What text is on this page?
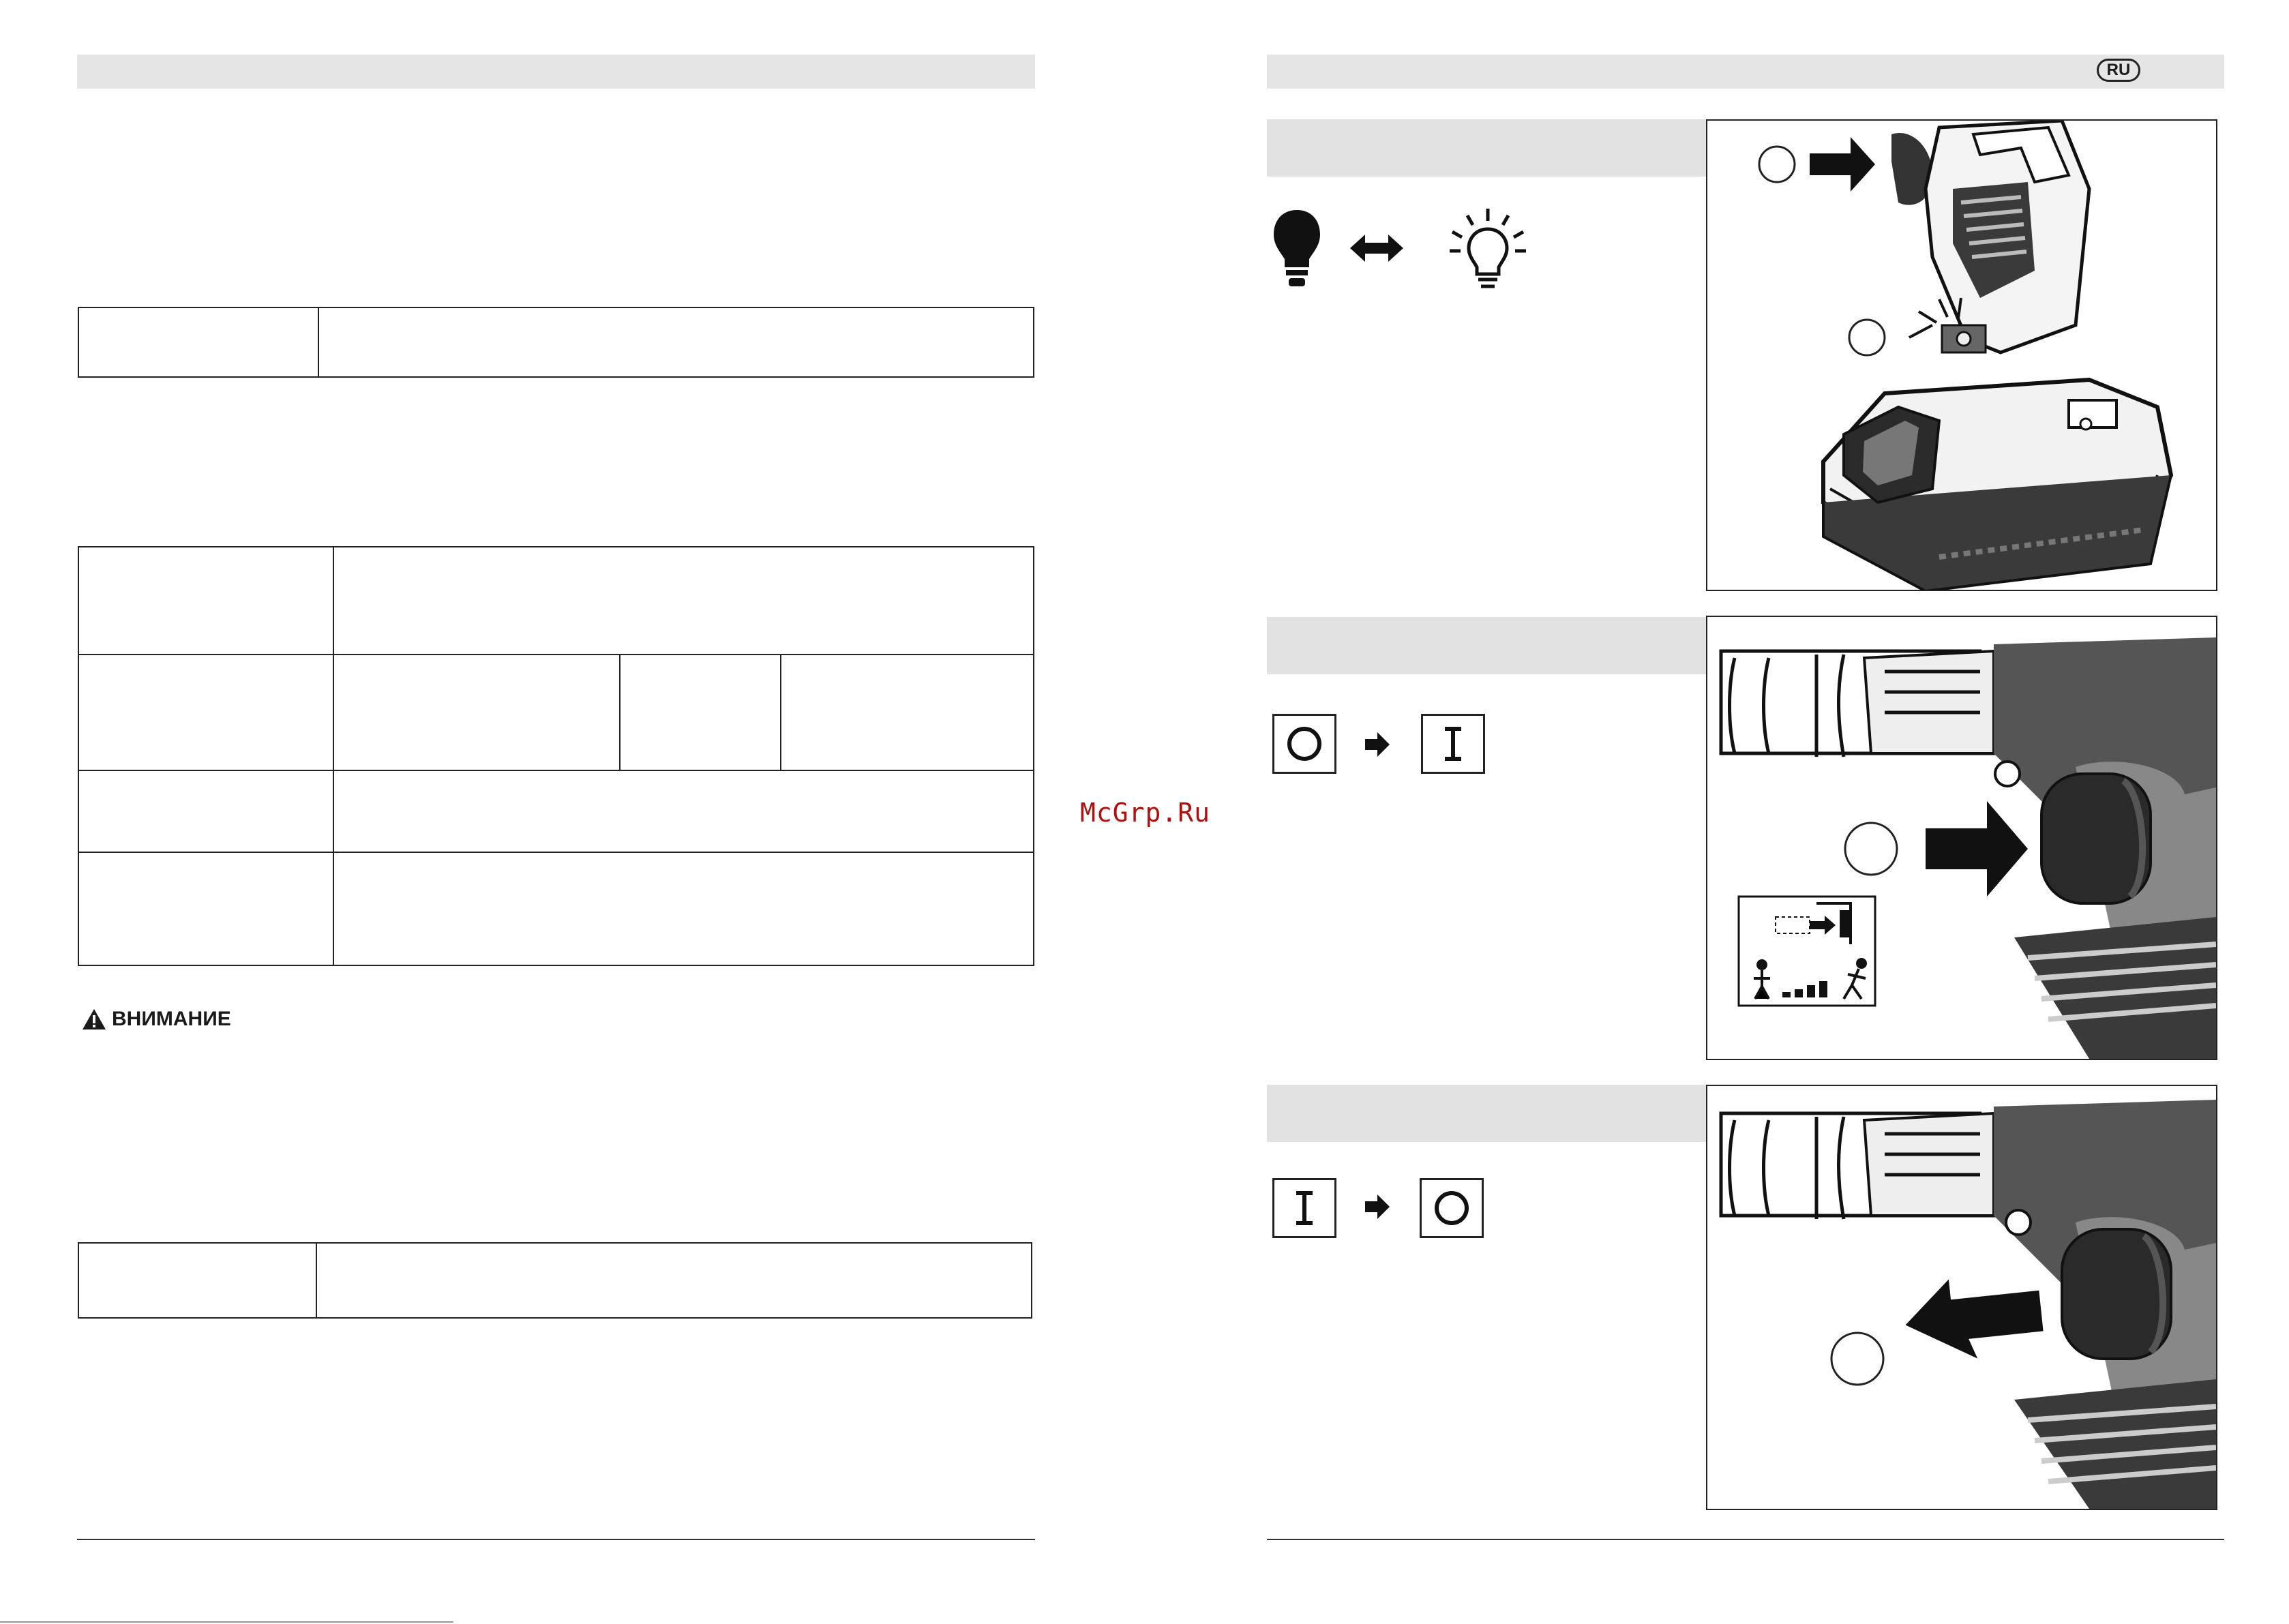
ВНИМАНИЕ

McGrp.Ru
RU
